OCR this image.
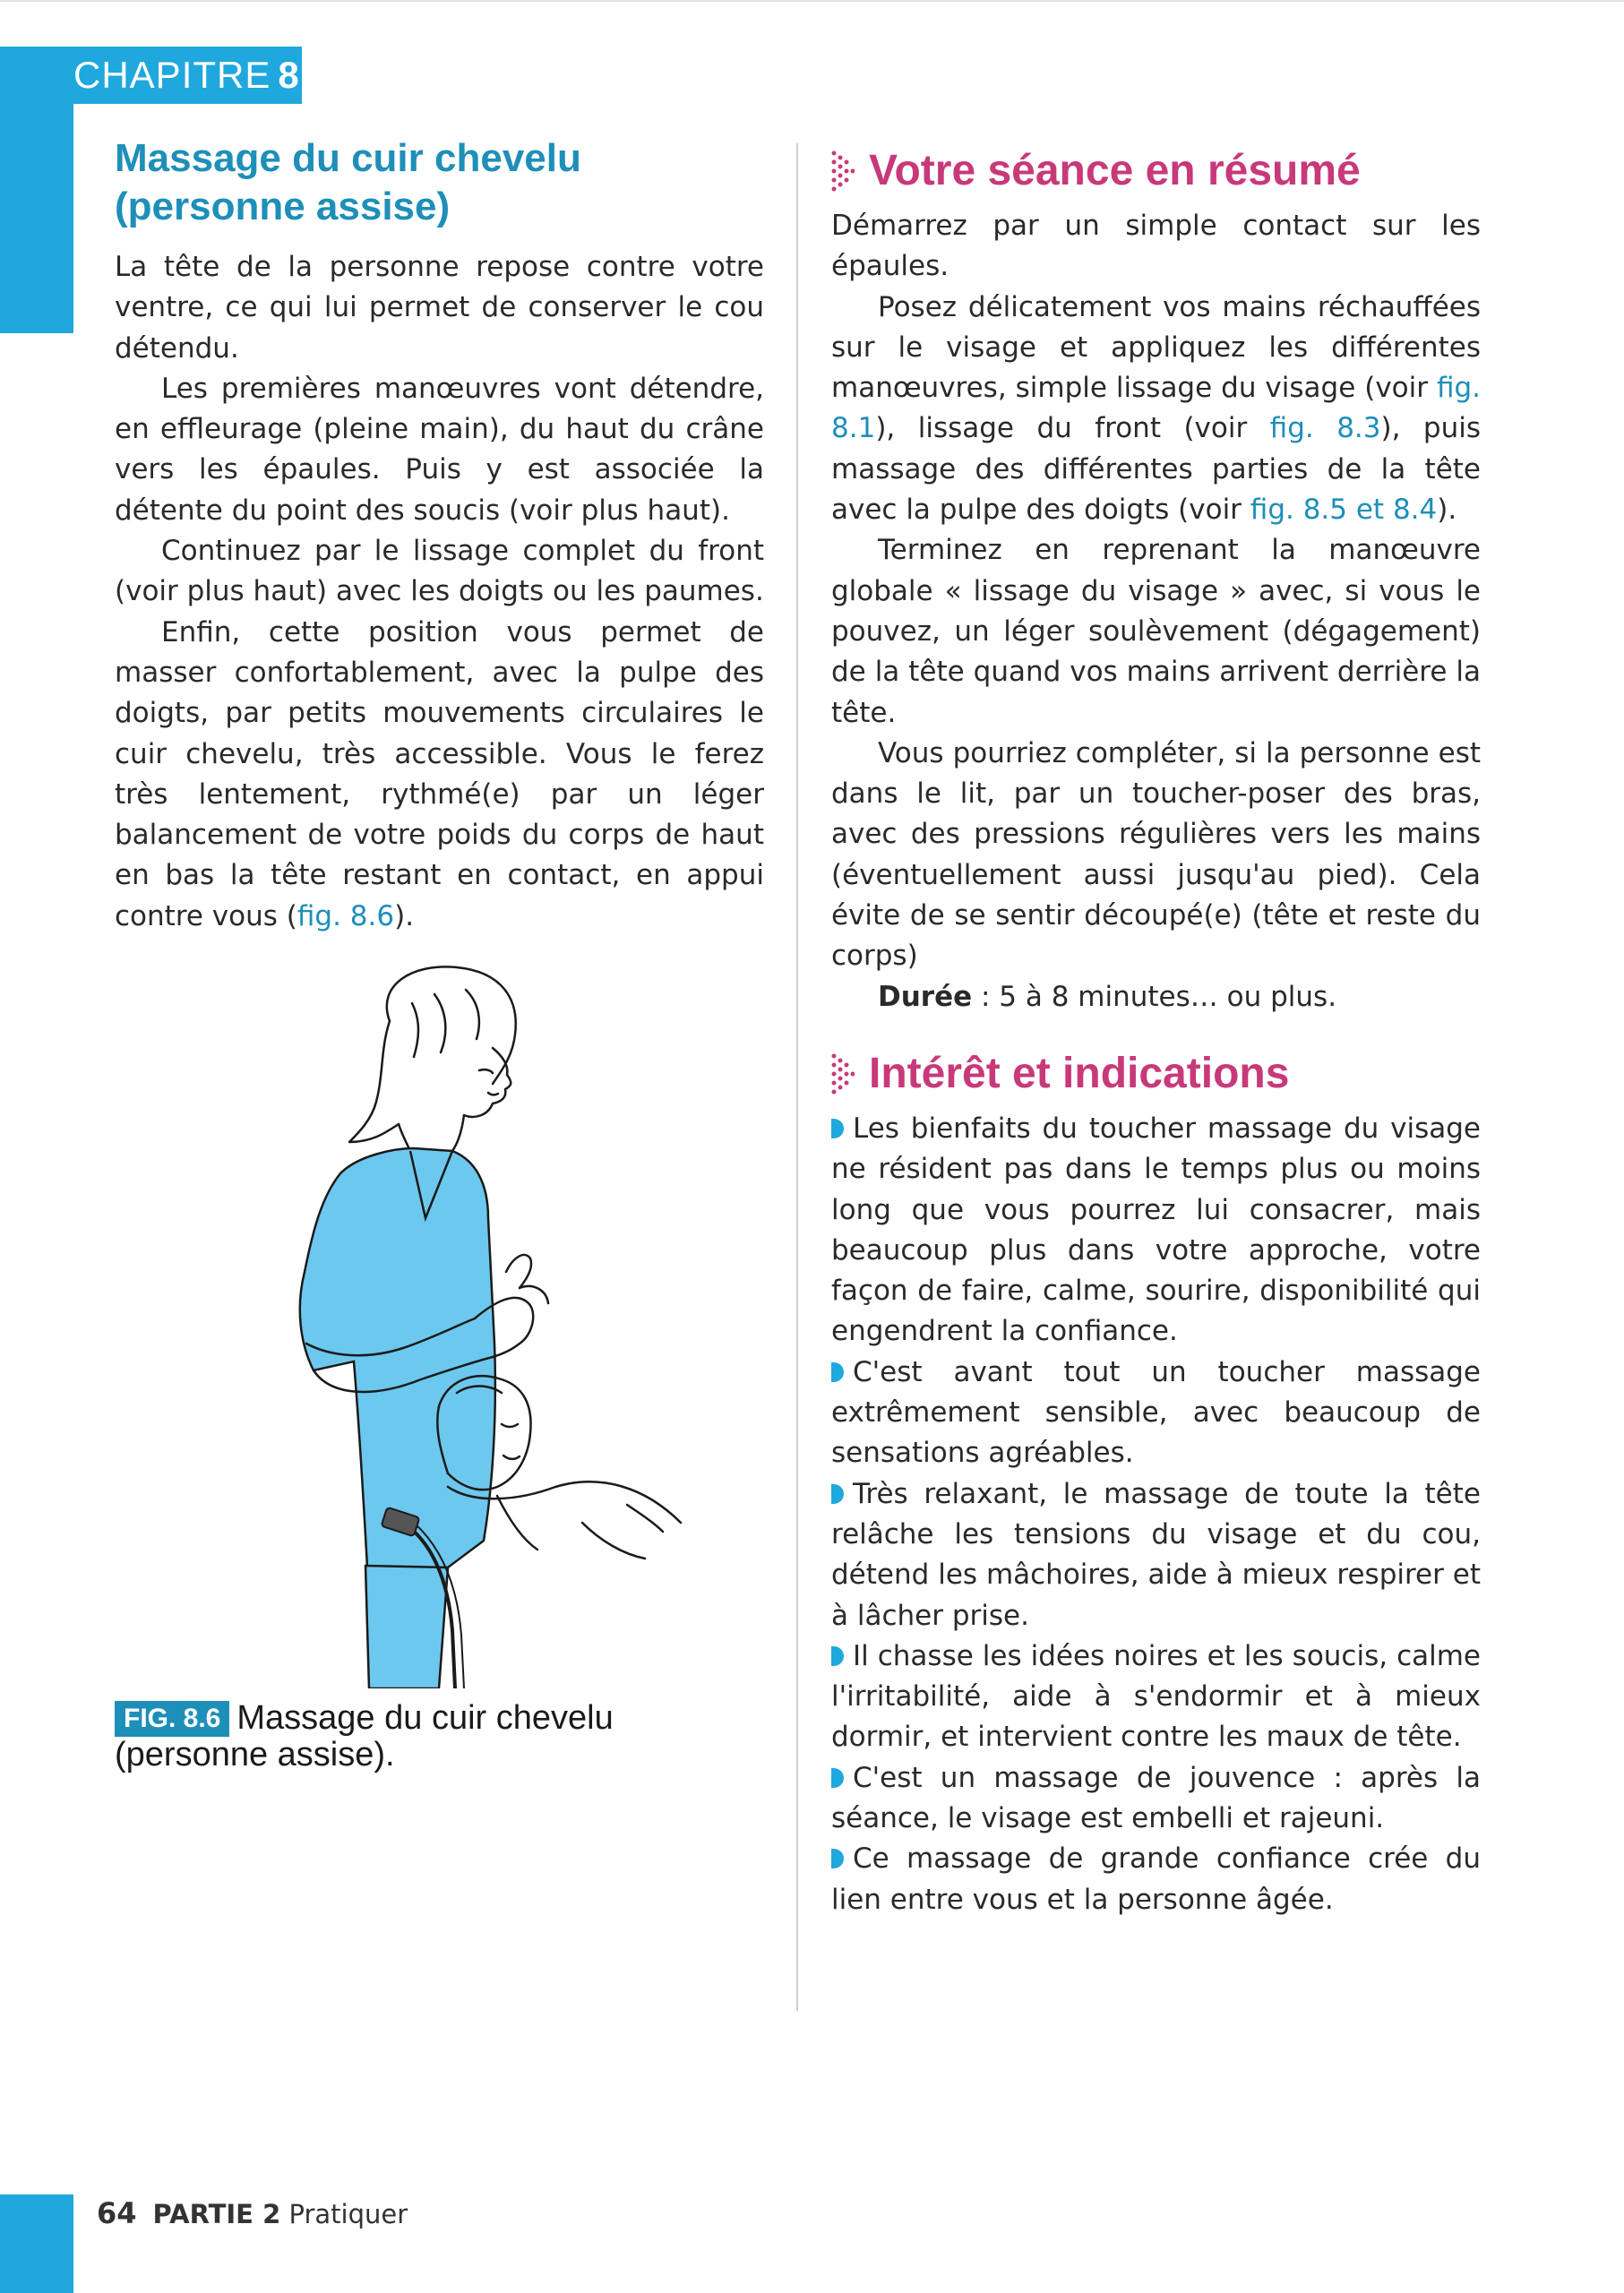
CHAPITRE 8
Massage du cuir chevelu
(personne assise)

La tête de la personne repose contre votre ventre, ce qui lui permet de conserver le cou détendu.

Les premières manœuvres vont détendre, en effleurage (pleine main), du haut du crâne vers les épaules. Puis y est associée la détente du point des soucis (voir plus haut).

Continuez par le lissage complet du front (voir plus haut) avec les doigts ou les paumes.

Enfin, cette position vous permet de masser confortablement, avec la pulpe des doigts, par petits mouvements circulaires le cuir chevelu, très accessible. Vous le ferez très lentement, rythmé(e) par un léger balancement de votre poids du corps de haut en bas la tête restant en contact, en appui contre vous (fig. 8.6).

FIG. 8.6 Massage du cuir chevelu (personne assise).
Votre séance en résumé

Démarrez par un simple contact sur les épaules.

Posez délicatement vos mains réchauffées sur le visage et appliquez les différentes manœuvres, simple lissage du visage (voir fig. 8.1), lissage du front (voir fig. 8.3), puis massage des différentes parties de la tête avec la pulpe des doigts (voir fig. 8.5 et 8.4).

Terminez en reprenant la manœuvre globale « lissage du visage » avec, si vous le pouvez, un léger soulèvement (dégagement) de la tête quand vos mains arrivent derrière la tête.

Vous pourriez compléter, si la personne est dans le lit, par un toucher-poser des bras, avec des pressions régulières vers les mains (éventuellement aussi jusqu'au pied). Cela évite de se sentir découpé(e) (tête et reste du corps)

Durée : 5 à 8 minutes… ou plus.

Intérêt et indications

Les bienfaits du toucher massage du visage ne résident pas dans le temps plus ou moins long que vous pourrez lui consacrer, mais beaucoup plus dans votre approche, votre façon de faire, calme, sourire, disponibilité qui engendrent la confiance.

C'est avant tout un toucher massage extrêmement sensible, avec beaucoup de sensations agréables.

Très relaxant, le massage de toute la tête relâche les tensions du visage et du cou, détend les mâchoires, aide à mieux respirer et à lâcher prise.

Il chasse les idées noires et les soucis, calme l'irritabilité, aide à s'endormir et à mieux dormir, et intervient contre les maux de tête.

C'est un massage de jouvence : après la séance, le visage est embelli et rajeuni.

Ce massage de grande confiance crée du lien entre vous et la personne âgée.

64 PARTIE 2 Pratiquer
